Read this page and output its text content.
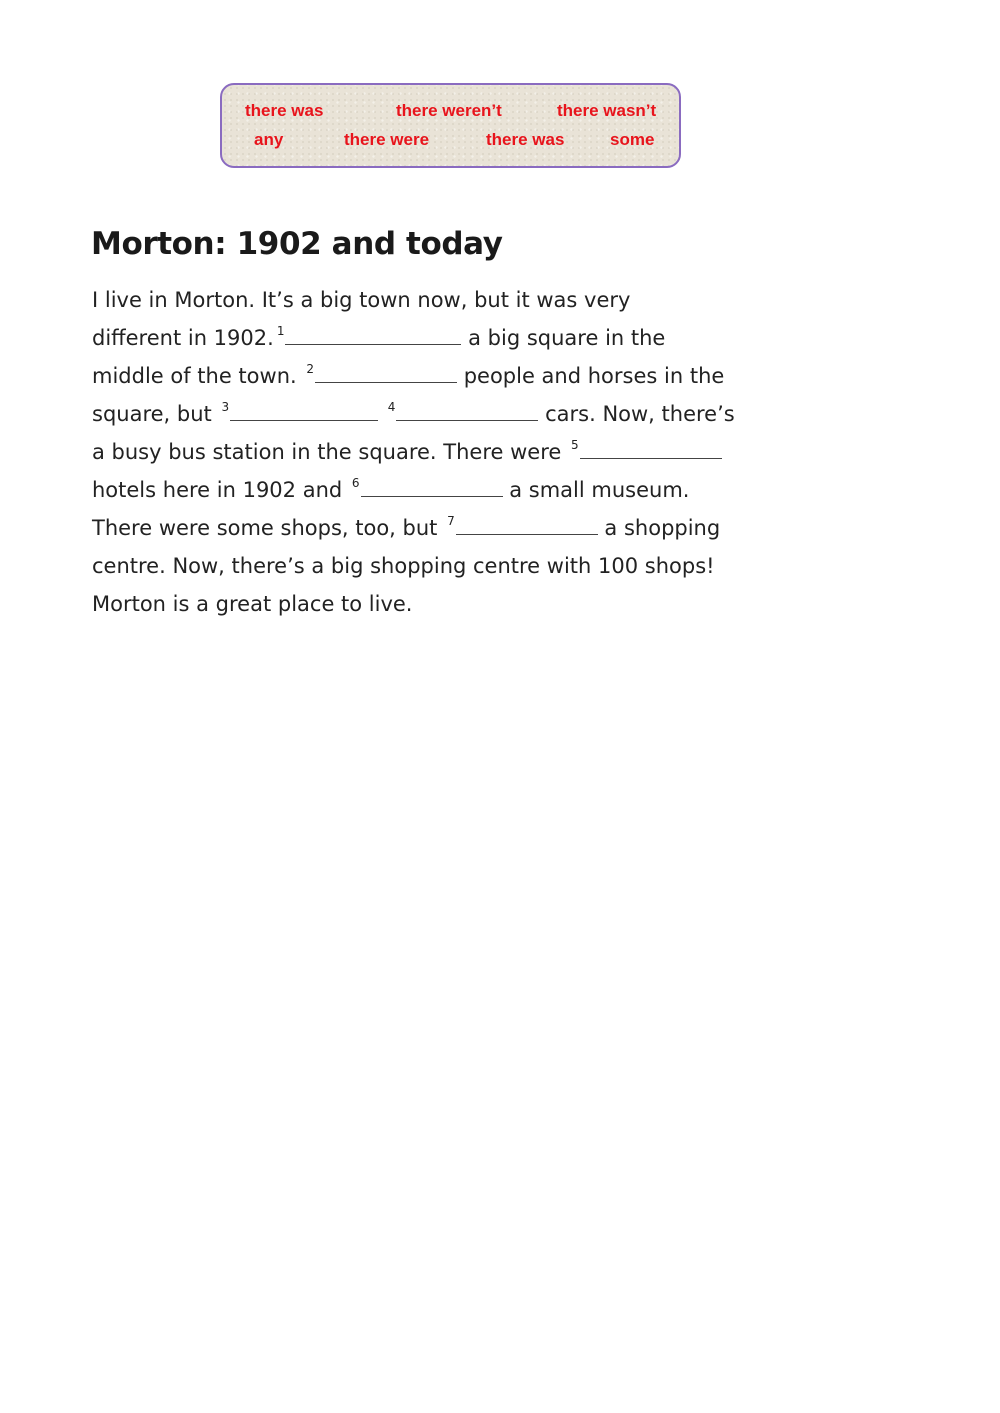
there was	there weren’t	there wasn’t
any	there were	there was	some
Morton: 1902 and today
I live in Morton. It’s a big town now, but it was very
different in 1902. $^1$	a big square in the
middle of the town. $^2$	people and horses in the
square, but $^3$	$^4$	cars. Now, there’s
a busy bus station in the square. There were $^5$
hotels here in 1902 and $^6$	a small museum.
There were some shops, too, but $^7$	a shopping
centre. Now, there’s a big shopping centre with 100 shops!
Morton is a great place to live.
